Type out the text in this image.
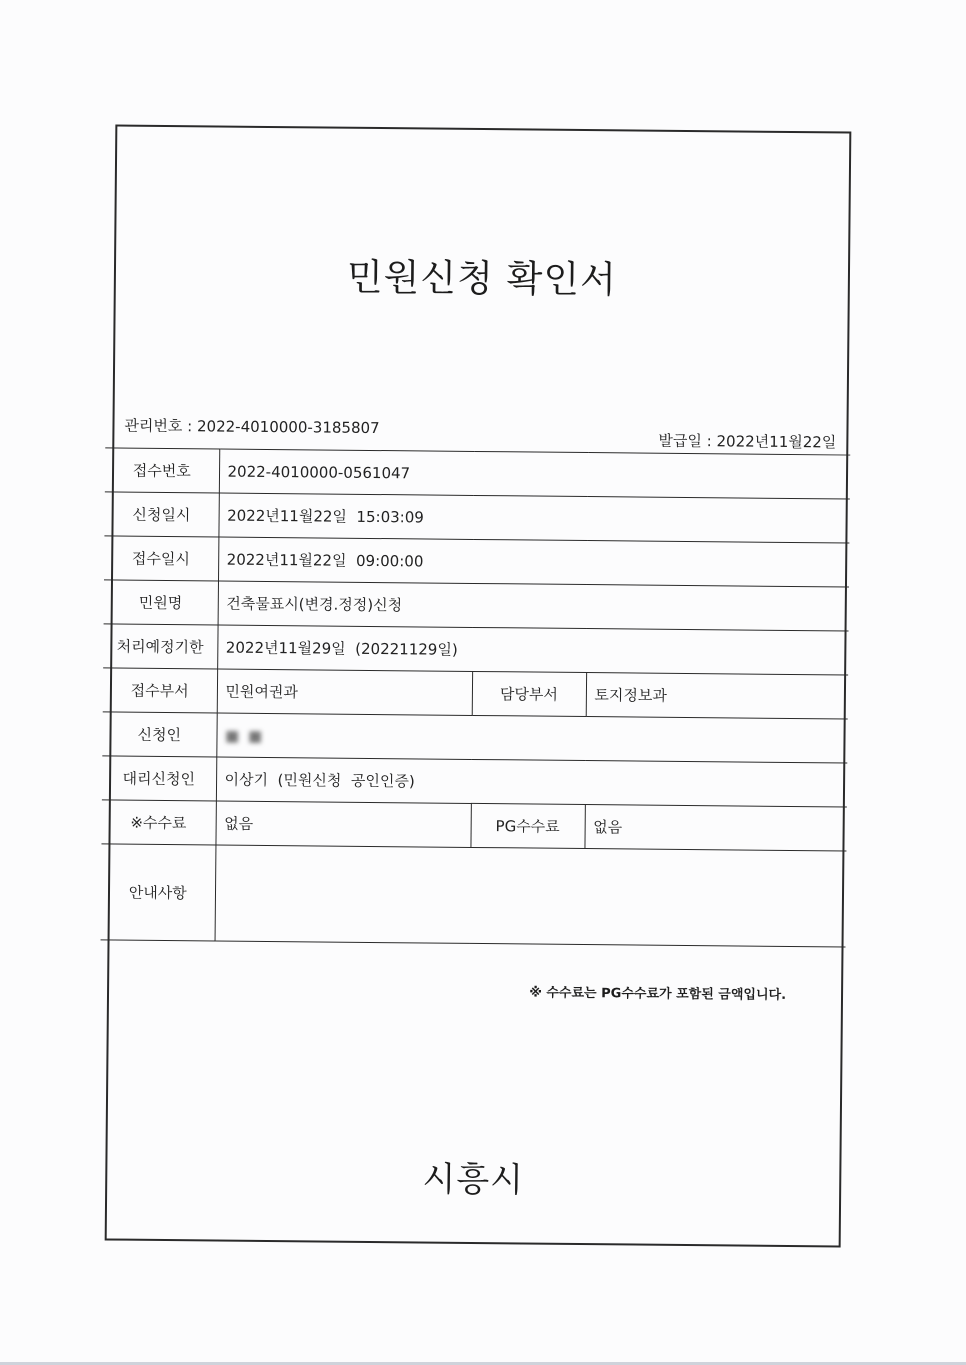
민원신청 확인서
관리번호 : 2022-4010000-3185807
발급일 : 2022년11월22일
접수번호	2022-4010000-0561047		
신청일시	2022년11월22일  15:03:09		
접수일시	2022년11월22일  09:00:00		
민원명	건축물표시(변경.정정)신청		
처리예정기한	2022년11월29일  (20221129일)		
접수부서	민원여권과	담당부서	토지정보과
신청인	■ ■		
대리신청인	이상기  (민원신청  공인인증)		
※수수료	없음	PG수수료	없음
안내사항			
※ 수수료는 PG수수료가 포함된 금액입니다.
시흥시
